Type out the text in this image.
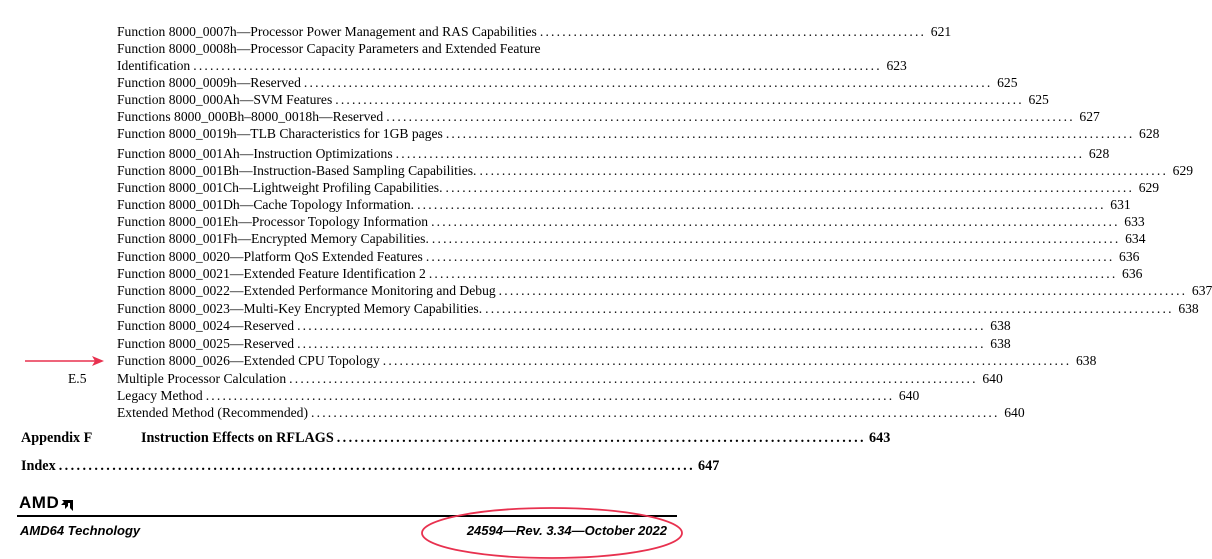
Function 8000_0007h—Processor Power Management and RAS Capabilities ..................................................................... 621
Function 8000_0008h—Processor Capacity Parameters and Extended Feature
Identification ........................................................................................................................... 623
Function 8000_0009h—Reserved ........................................................................................................................... 625
Function 8000_000Ah—SVM Features ........................................................................................................................... 625
Functions 8000_000Bh–8000_0018h—Reserved ........................................................................................................................... 627
Function 8000_0019h—TLB Characteristics for 1GB pages ........................................................................................................................... 628
Function 8000_001Ah—Instruction Optimizations ........................................................................................................................... 628
Function 8000_001Bh—Instruction-Based Sampling Capabilities. ........................................................................................................................... 629
Function 8000_001Ch—Lightweight Profiling Capabilities. ........................................................................................................................... 629
Function 8000_001Dh—Cache Topology Information. ........................................................................................................................... 631
Function 8000_001Eh—Processor Topology Information ........................................................................................................................... 633
Function 8000_001Fh—Encrypted Memory Capabilities. ........................................................................................................................... 634
Function 8000_0020—Platform QoS Extended Features ........................................................................................................................... 636
Function 8000_0021—Extended Feature Identification 2 ........................................................................................................................... 636
Function 8000_0022—Extended Performance Monitoring and Debug ........................................................................................................................... 637
Function 8000_0023—Multi-Key Encrypted Memory Capabilities. ........................................................................................................................... 638
Function 8000_0024—Reserved ........................................................................................................................... 638
Function 8000_0025—Reserved ........................................................................................................................... 638
Function 8000_0026—Extended CPU Topology ........................................................................................................................... 638
E.5 Multiple Processor Calculation ........................................................................................................................... 640
Legacy Method ........................................................................................................................... 640
Extended Method (Recommended) ........................................................................................................................... 640
Appendix F	Instruction Effects on RFLAGS ......................................................................................... 643
Index ........................................................................................................... 647
AMD
AMD64 Technology	24594—Rev. 3.34—October 2022
